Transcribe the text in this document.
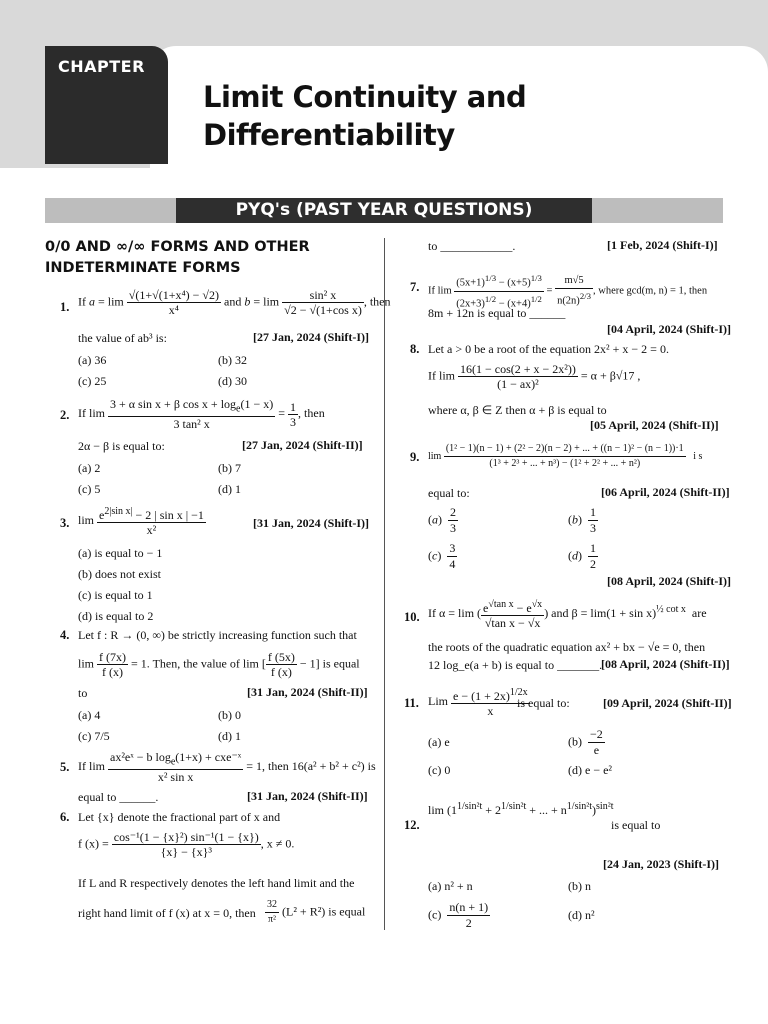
CHAPTER
Limit Continuity and
Differentiability
PYQ's (PAST YEAR QUESTIONS)
0/0 AND ∞/∞ FORMS AND OTHER
INDETERMINATE FORMS
1. If $a = \lim \frac{\text{√(1+√(1+x⁴) − √2)}}{\text{x⁴}}$ and $b = \lim \frac{\text{sin² x}}{\text{√2 − √(1+cos x)}}$ , then
the value of ab³ is:	[27 Jan, 2024 (Shift-I)]
(a) 36	(b) 32
(c) 25	(d) 30
2. If $\lim \frac{3 + \alpha \sin x + \beta \cos x + \log_e(1 - x)}{\text{3 tan² x}} = \frac{1}{3}$ , then
2α − β is equal to:	[27 Jan, 2024 (Shift-II)]
(a) 2	(b) 7
(c) 5	(d) 1
3. $\lim \frac{e^{2|sin x|} - 2 | \sin x | -1}{\text{x²}}$	[31 Jan, 2024 (Shift-I)]
(a) is equal to − 1
(b) does not exist
(c) is equal to 1
(d) is equal to 2
4. Let f : R → (0, ∞) be strictly increasing function such that
$\lim \frac{f (7x)}{f (x)} = 1$. Then, the value of lim [ $\frac{f (5x)}{f (x)} - 1$] is equal
to	[31 Jan, 2024 (Shift-II)]
(a) 4	(b) 0
(c) 7/5	(d) 1
5. If $\lim \frac{ax^2eˣ - b \log_e(1+x) + cxe^-ˣ}{\text{x² sin x}} = 1$, then 16(a² + b² + c²) is
equal to ______.	[31 Jan, 2024 (Shift-II)]
6. Let {x} denote the fractional part of x and
f $(x) = \frac{\text{cos⁻¹(1 − \{x\}²) sin⁻¹(1 − \{x\})}}{\text{\{x\} − \{x\}³}}$ , x ≠ 0.
If L and R respectively denotes the left hand limit and the
right hand limit of f (x) at x = 0, then $\frac{32}{\text{π²}} (L^2 + R^2)$ is equal
to ____________.	[1 Feb, 2024 (Shift-I)]
7. If $\lim \frac{(5x+1)^{1/3} - (x+5)^{1/3}}{(2x+3)^{1/2} - (x+4)^{1/2}} = \frac{m√5}{n(2n)^{2/3}}$ , where gcd(m, n) = 1, then
8m + 12n is equal to ______
[04 April, 2024 (Shift-I)]
8. Let a > 0 be a root of the equation 2x² + x − 2 = 0.
If $\lim \frac{\text{16(1 − cos(2 + x − 2x²))}}{\text{(1 − ax)²}} = \alpha + \beta√17$ ,
where α, β ∈ Z then α + β is equal to
[05 April, 2024 (Shift-II)]
9. lim
(1² − 1)(n − 1) + (2² − 2)(n − 2) + ... + ((n − 1)² − (n − 1))·1
(1³ + 2³ + ... + n³) − (1² + 2² + ... + n²)
i s
equal to:	[06 April, 2024 (Shift-II)]
$(a) \frac{2}{3}$	$(b) \frac{1}{3}$
$(c) \frac{3}{4}$	$(d) \frac{1}{2}$
[08 April, 2024 (Shift-I)]
10. If α = lim ( $\frac{e^{√tan x} - e^{√x}}{\text{√tan x − √x}}$ ) and $\beta = \lim(1 + \sin x)^{\frac{1}{2} cot x}$  are
the roots of the quadratic equation ax² + bx − √e = 0, then
12 log_e(a + b) is equal to _______.
[08 April, 2024 (Shift-II)]
11. Lim $\frac{e - (1 + 2x)^{1/2x}}{x}$
is equal to:	[09 April, 2024 (Shift-II)]
(a) e	$(b) \frac{-2}{e}$
(c) 0	(d) e − e²
12.
$\lim (1^{1/sin^2t} + 2^{1/sin^2t}$ + ... + $n^{1/sin^2t})^{sin^2t}$
is equal to
[24 Jan, 2023 (Shift-I)]
(a) n² + n	(b) n
$(c) \frac{n(n + 1)}{2}$	(d) n²
